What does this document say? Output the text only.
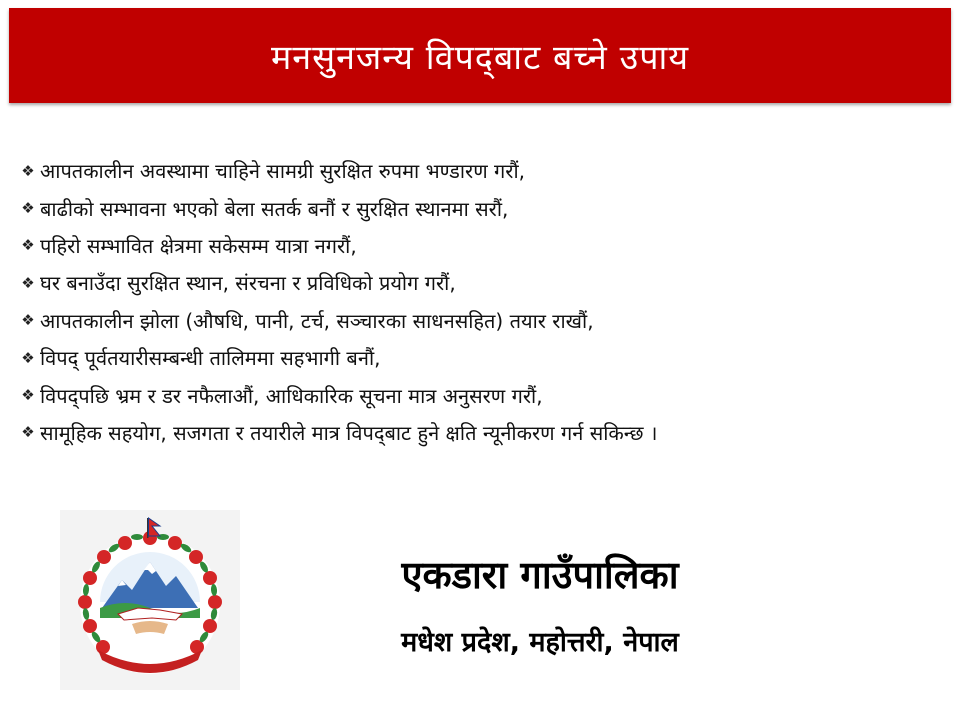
मनसुनजन्य विपद्‌बाट बच्ने उपाय
❖ आपतकालीन अवस्थामा चाहिने सामग्री सुरक्षित रुपमा भण्डारण गरौं,
❖ बाढीको सम्भावना भएको बेला सतर्क बनौं र सुरक्षित स्थानमा सरौं,
❖ पहिरो सम्भावित क्षेत्रमा सकेसम्म यात्रा नगरौं,
❖ घर बनाउँदा सुरक्षित स्थान, संरचना र प्रविधिको प्रयोग गरौं,
❖ आपतकालीन झोला (औषधि, पानी, टर्च, सञ्चारका साधनसहित) तयार राखौं,
❖ विपद् पूर्वतयारीसम्बन्धी तालिममा सहभागी बनौं,
❖ विपद्‌पछि भ्रम र डर नफैलाऔं, आधिकारिक सूचना मात्र अनुसरण गरौं,
❖ सामूहिक सहयोग, सजगता र तयारीले मात्र विपद्‌बाट हुने क्षति न्यूनीकरण गर्न सकिन्छ ।
एकडारा गाउँपालिका
मधेश प्रदेश, महोत्तरी, नेपाल
